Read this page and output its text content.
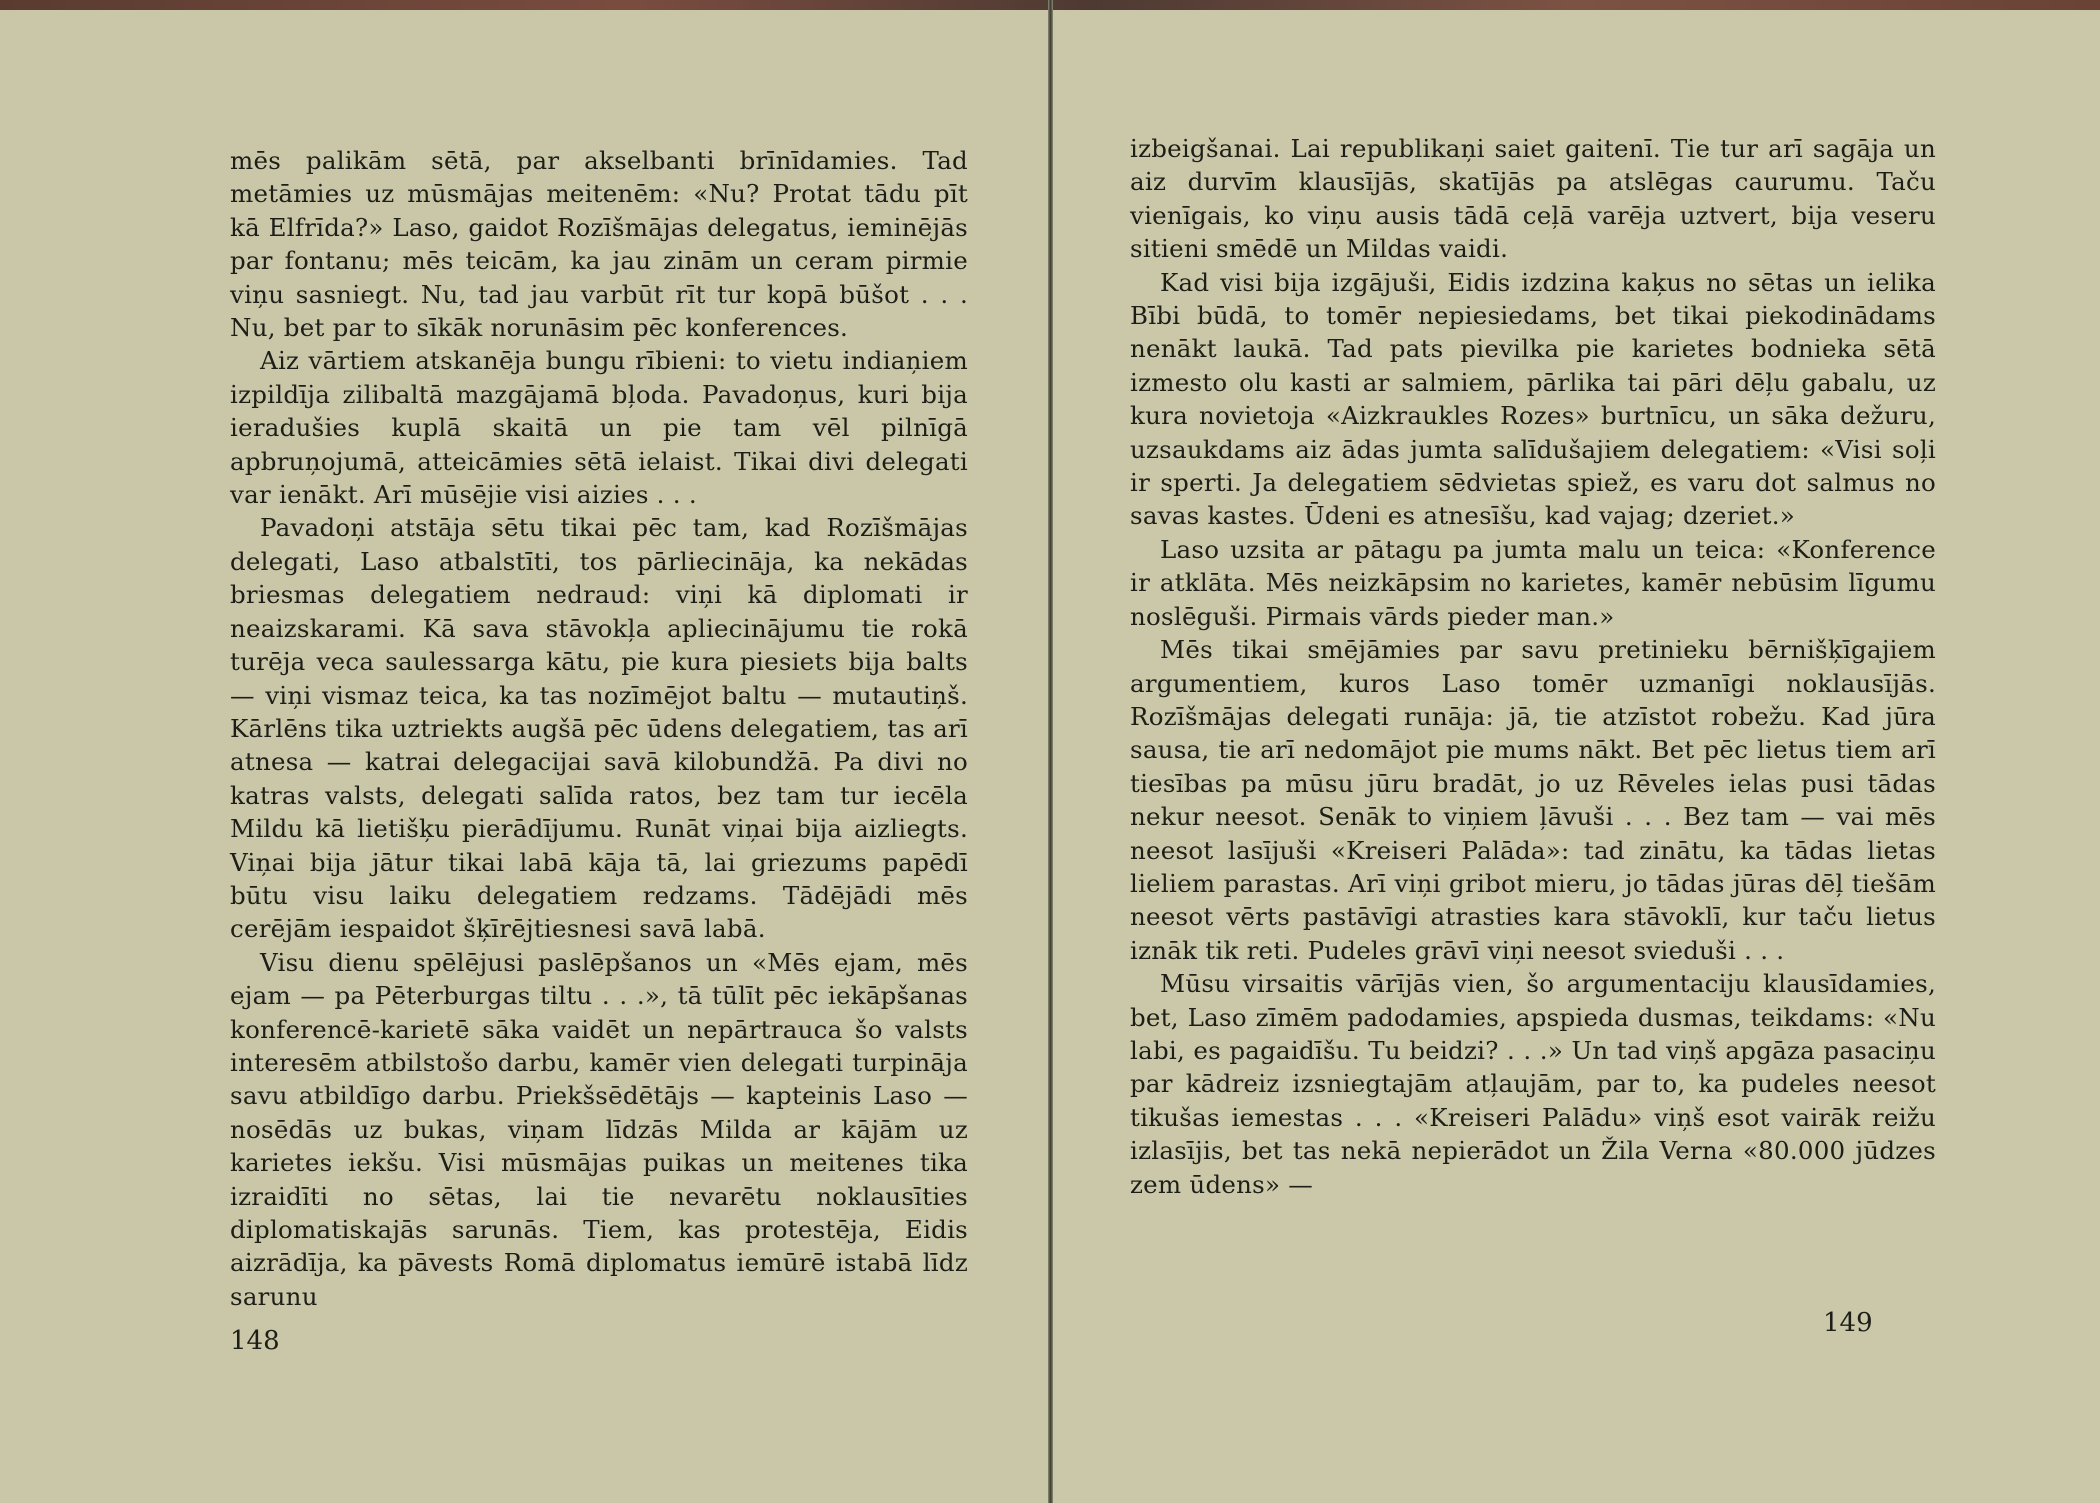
mēs palikām sētā, par akselbanti brīnīdamies. Tad metāmies uz mūsmājas meitenēm: «Nu? Protat tādu pīt kā Elfrīda?» Laso, gaidot Rozīšmājas delegatus, ieminējās par fontanu; mēs teicām, ka jau zinām un ceram pirmie viņu sasniegt. Nu, tad jau varbūt rīt tur kopā būšot . . . Nu, bet par to sīkāk norunāsim pēc konferences.

Aiz vārtiem atskanēja bungu rībieni: to vietu indiaņiem izpildīja zilibaltā mazgājamā bļoda. Pavadoņus, kuri bija ieradušies kuplā skaitā un pie tam vēl pilnīgā apbruņojumā, atteicāmies sētā ielaist. Tikai divi delegati var ienākt. Arī mūsējie visi aizies . . .

Pavadoņi atstāja sētu tikai pēc tam, kad Rozīšmājas delegati, Laso atbalstīti, tos pārliecināja, ka nekādas briesmas delegatiem nedraud: viņi kā diplomati ir neaizskarami. Kā sava stāvokļa apliecinājumu tie rokā turēja veca saulessarga kātu, pie kura piesiets bija balts — viņi vismaz teica, ka tas nozīmējot baltu — mutautiņš. Kārlēns tika uztriekts augšā pēc ūdens delegatiem, tas arī atnesa — katrai delegacijai savā kilobundžā. Pa divi no katras valsts, delegati salīda ratos, bez tam tur iecēla Mildu kā lietišķu pierādījumu. Runāt viņai bija aizliegts. Viņai bija jātur tikai labā kāja tā, lai griezums papēdī būtu visu laiku delegatiem redzams. Tādējādi mēs cerējām iespaidot šķīrējtiesnesi savā labā.

Visu dienu spēlējusi paslēpšanos un «Mēs ejam, mēs ejam — pa Pēterburgas tiltu . . .», tā tūlīt pēc iekāpšanas konferencē-karietē sāka vaidēt un nepārtrauca šo valsts interesēm atbilstošo darbu, kamēr vien delegati turpināja savu atbildīgo darbu. Priekšsēdētājs — kapteinis Laso — nosēdās uz bukas, viņam līdzās Milda ar kājām uz karietes iekšu. Visi mūsmājas puikas un meitenes tika izraidīti no sētas, lai tie nevarētu noklausīties diplomatiskajās sarunās. Tiem, kas protestēja, Eidis aizrādīja, ka pāvests Romā diplomatus iemūrē istabā līdz sarunu

148

izbeigšanai. Lai republikaņi saiet gaitenī. Tie tur arī sagāja un aiz durvīm klausījās, skatījās pa atslēgas caurumu. Taču vienīgais, ko viņu ausis tādā ceļā varēja uztvert, bija veseru sitieni smēdē un Mildas vaidi.

Kad visi bija izgājuši, Eidis izdzina kaķus no sētas un ielika Bībi būdā, to tomēr nepiesiedams, bet tikai piekodinādams nenākt laukā. Tad pats pievilka pie karietes bodnieka sētā izmesto olu kasti ar salmiem, pārlika tai pāri dēļu gabalu, uz kura novietoja «Aizkraukles Rozes» burtnīcu, un sāka dežuru, uzsaukdams aiz ādas jumta salīdušajiem delegatiem: «Visi soļi ir sperti. Ja delegatiem sēdvietas spiež, es varu dot salmus no savas kastes. Ūdeni es atnesīšu, kad vajag; dzeriet.»

Laso uzsita ar pātagu pa jumta malu un teica: «Konference ir atklāta. Mēs neizkāpsim no karietes, kamēr nebūsim līgumu noslēguši. Pirmais vārds pieder man.»

Mēs tikai smējāmies par savu pretinieku bērnišķīgajiem argumentiem, kuros Laso tomēr uzmanīgi noklausījās. Rozīšmājas delegati runāja: jā, tie atzīstot robežu. Kad jūra sausa, tie arī nedomājot pie mums nākt. Bet pēc lietus tiem arī tiesības pa mūsu jūru bradāt, jo uz Rēveles ielas pusi tādas nekur neesot. Senāk to viņiem ļāvuši . . . Bez tam — vai mēs neesot lasījuši «Kreiseri Palāda»: tad zinātu, ka tādas lietas lieliem parastas. Arī viņi gribot mieru, jo tādas jūras dēļ tiešām neesot vērts pastāvīgi atrasties kara stāvoklī, kur taču lietus iznāk tik reti. Pudeles grāvī viņi neesot svieduši . . .

Mūsu virsaitis vārījās vien, šo argumentaciju klausīdamies, bet, Laso zīmēm padodamies, apspieda dusmas, teikdams: «Nu labi, es pagaidīšu. Tu beidzi? . . .» Un tad viņš apgāza pasaciņu par kādreiz izsniegtajām atļaujām, par to, ka pudeles neesot tikušas iemestas . . . «Kreiseri Palādu» viņš esot vairāk reižu izlasījis, bet tas nekā nepierādot un Žila Verna «80.000 jūdzes zem ūdens» —

149
